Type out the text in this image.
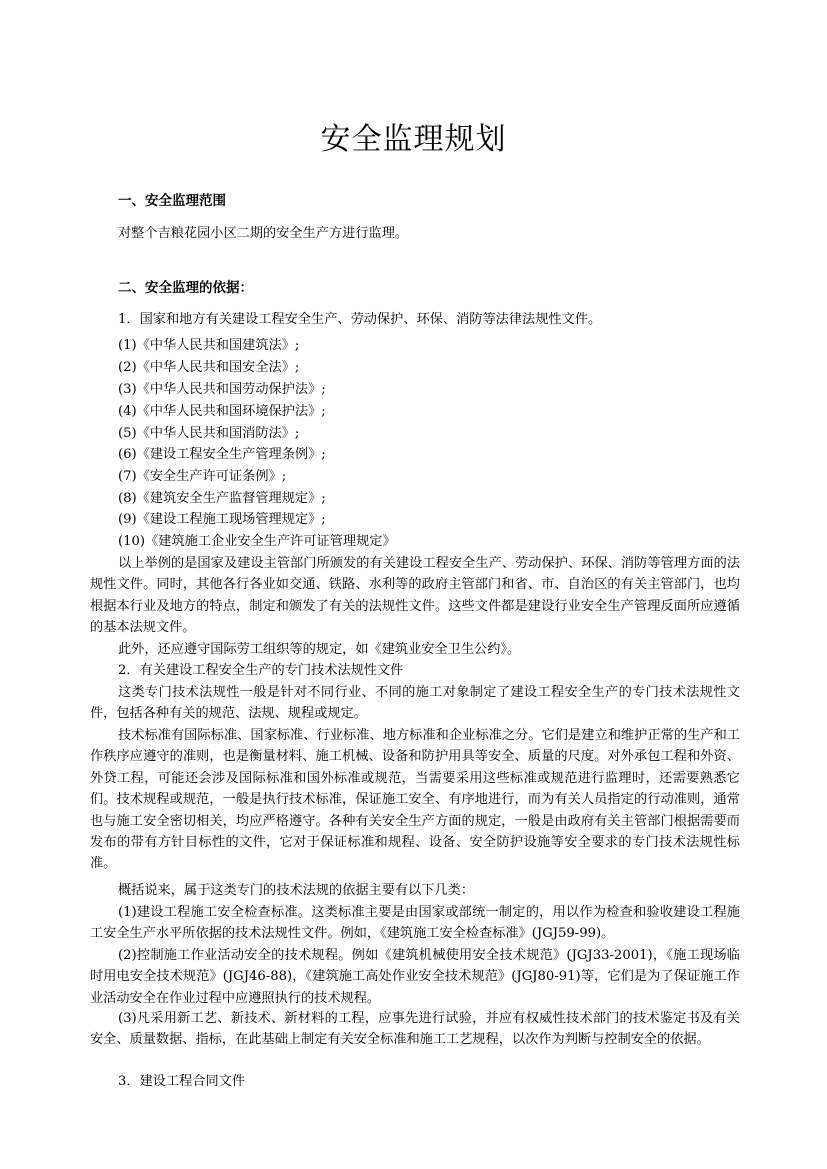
安全监理规划
一、安全监理范围
对整个吉粮花园小区二期的安全生产方进行监理。
二、安全监理的依据：
1．国家和地方有关建设工程安全生产、劳动保护、环保、消防等法律法规性文件。
(1)《中华人民共和国建筑法》;
(2)《中华人民共和国安全法》;
(3)《中华人民共和国劳动保护法》;
(4)《中华人民共和国环境保护法》;
(5)《中华人民共和国消防法》;
(6)《建设工程安全生产管理条例》;
(7)《安全生产许可证条例》;
(8)《建筑安全生产监督管理规定》;
(9)《建设工程施工现场管理规定》;
(10)《建筑施工企业安全生产许可证管理规定》

以上举例的是国家及建设主管部门所颁发的有关建设工程安全生产、劳动保护、环保、消防等管理方面的法规性文件。同时，其他各行各业如交通、铁路、水利等的政府主管部门和省、市、自治区的有关主管部门，也均根据本行业及地方的特点，制定和颁发了有关的法规性文件。这些文件都是建设行业安全生产管理反面所应遵循的基本法规文件。

此外，还应遵守国际劳工组织等的规定，如《建筑业安全卫生公约》。

2．有关建设工程安全生产的专门技术法规性文件

这类专门技术法规性一般是针对不同行业、不同的施工对象制定了建设工程安全生产的专门技术法规性文件，包括各种有关的规范、法规、规程或规定。

技术标准有国际标准、国家标准、行业标准、地方标准和企业标准之分。它们是建立和维护正常的生产和工作秩序应遵守的准则，也是衡量材料、施工机械、设备和防护用具等安全、质量的尺度。对外承包工程和外资、外贷工程，可能还会涉及国际标准和国外标准或规范，当需要采用这些标准或规范进行监理时，还需要熟悉它们。技术规程或规范，一般是执行技术标准，保证施工安全、有序地进行，而为有关人员指定的行动准则，通常也与施工安全密切相关，均应严格遵守。各种有关安全生产方面的规定，一般是由政府有关主管部门根据需要而发布的带有方针目标性的文件，它对于保证标准和规程、设备、安全防护设施等安全要求的专门技术法规性标准。

概括说来，属于这类专门的技术法规的依据主要有以下几类：

(1)建设工程施工安全检查标准。这类标准主要是由国家或部统一制定的，用以作为检查和验收建设工程施工安全生产水平所依据的技术法规性文件。例如，《建筑施工安全检查标准》(JGJ59-99)。

(2)控制施工作业活动安全的技术规程。例如《建筑机械使用安全技术规范》(JGJ33-2001)，《施工现场临时用电安全技术规范》(JGJ46-88)，《建筑施工高处作业安全技术规范》(JGJ80-91)等，它们是为了保证施工作业活动安全在作业过程中应遵照执行的技术规程。

(3)凡采用新工艺、新技术、新材料的工程，应事先进行试验，并应有权威性技术部门的技术鉴定书及有关安全、质量数据、指标，在此基础上制定有关安全标准和施工工艺规程，以次作为判断与控制安全的依据。

3．建设工程合同文件
